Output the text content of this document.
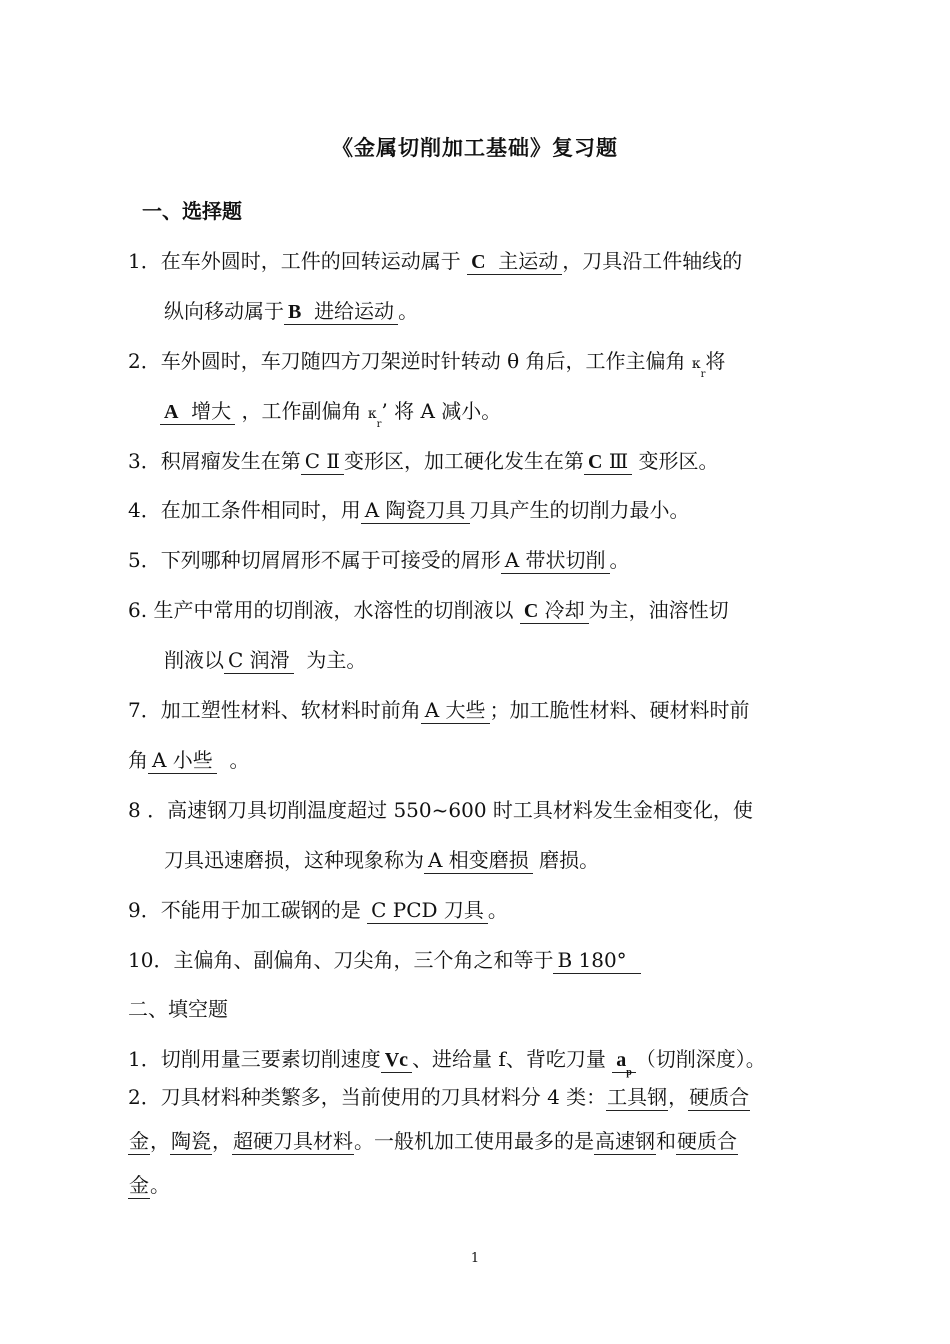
《金属切削加工基础》复习题
一、选择题
1．在车外圆时，工件的回转运动属于 C 主运动 ，刀具沿工件轴线的
纵向移动属于 B 进给运动 。
2．车外圆时，车刀随四方刀架逆时针转动 θ 角后，工作主偏角 $\kappa_r$将
A 增大 ，工作副偏角 $\kappa_r$’ 将 A 减小。
3．积屑瘤发生在第 C Ⅱ 变形区，加工硬化发生在第 C Ⅲ 变形区。
4．在加工条件相同时，用 A 陶瓷刀具 刀具产生的切削力最小。
5．下列哪种切屑屑形不属于可接受的屑形 A 带状切削 。
6. 生产中常用的切削液，水溶性的切削液以 C 冷却 为主，油溶性切
削液以 C 润滑 为主。
7．加工塑性材料、软材料时前角 A 大些 ；加工脆性材料、硬材料时前
角 A 小些 。
8 ．高速钢刀具切削温度超过 550~600 时工具材料发生金相变化，使
刀具迅速磨损，这种现象称为 A 相变磨损 磨损。
9．不能用于加工碳钢的是 C PCD 刀具 。
10．主偏角、副偏角、刀尖角，三个角之和等于 B 180°
二、填空题
1．切削用量三要素切削速度 Vc 、进给量 f、背吃刀量 $a_p$（切削深度）。
2．刀具材料种类繁多，当前使用的刀具材料分 4 类：工具钢，硬质合
金，陶瓷，超硬刀具材料。一般机加工使用最多的是高速钢和硬质合
金。
1
